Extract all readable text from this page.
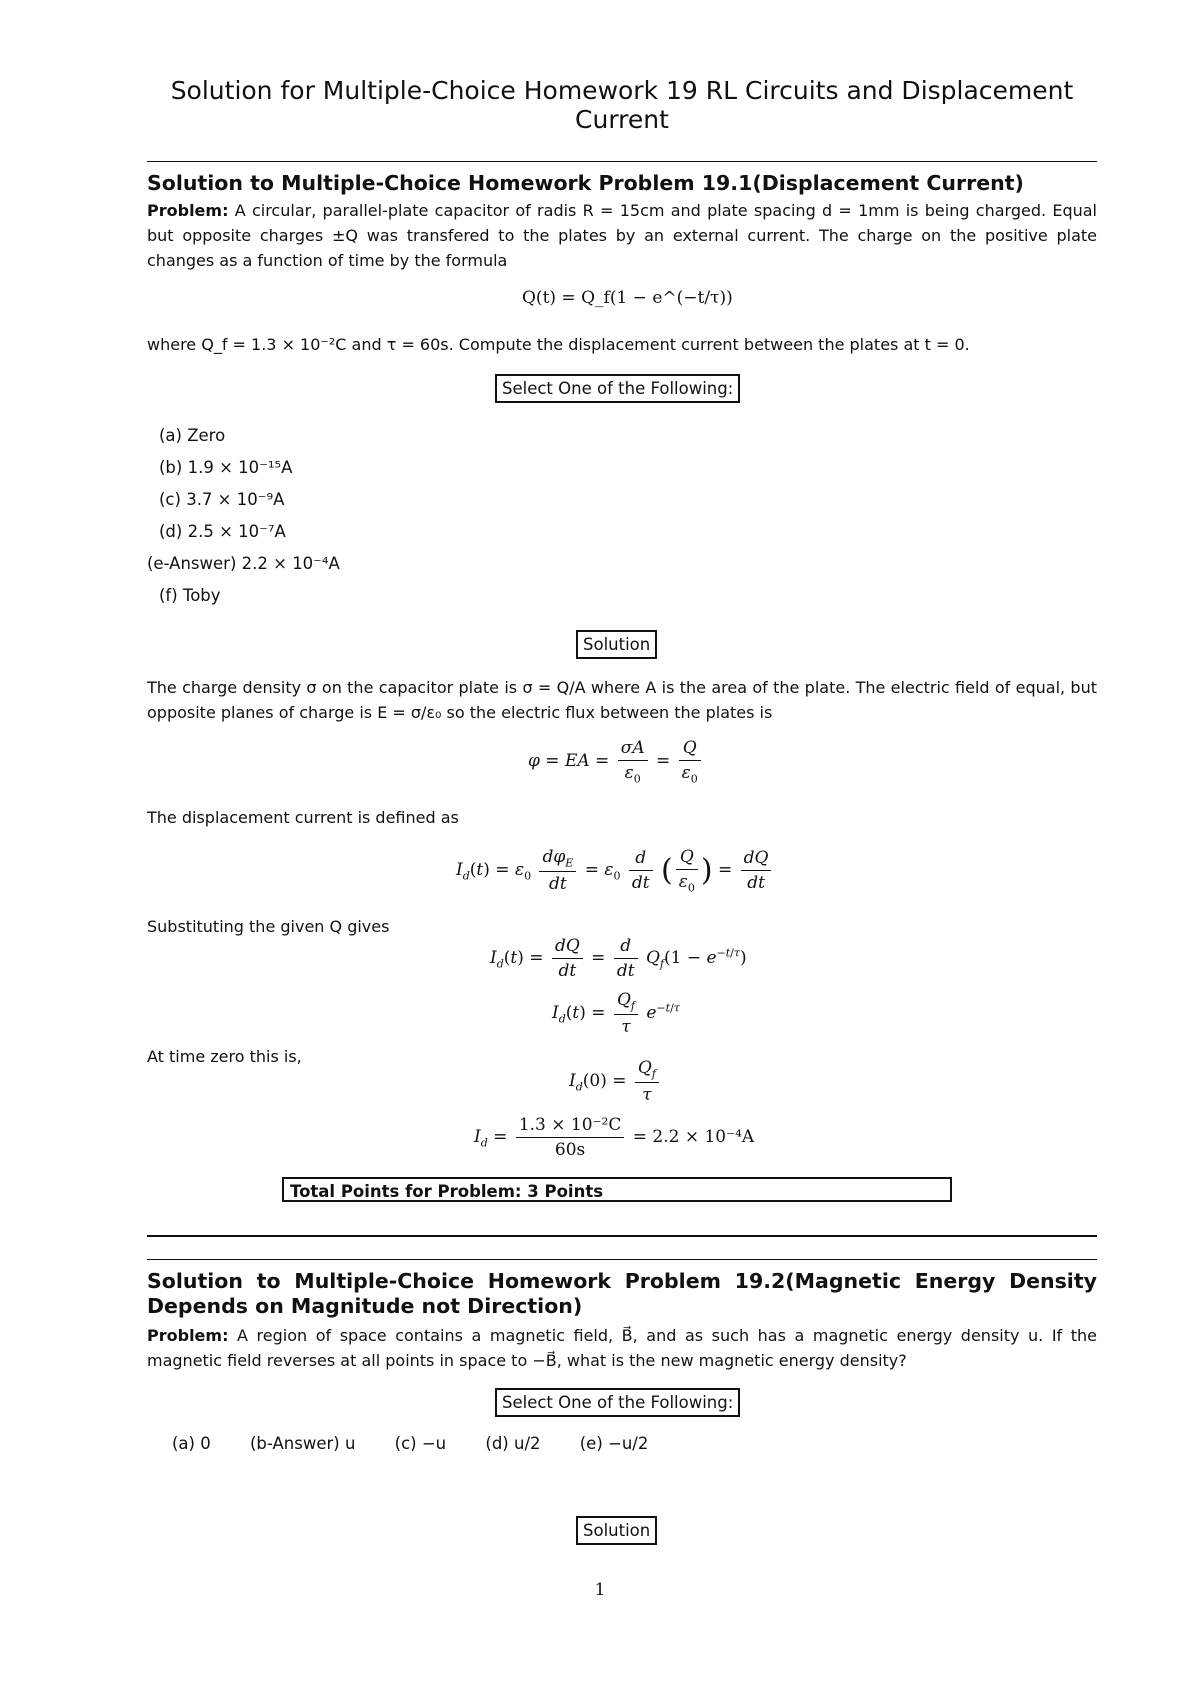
Solution for Multiple-Choice Homework 19 RL Circuits and Displacement
Current
Solution to Multiple-Choice Homework Problem 19.1(Displacement Current)
Problem: A circular, parallel-plate capacitor of radis R = 15cm and plate spacing d = 1mm is being charged. Equal but opposite charges ±Q was transfered to the plates by an external current. The charge on the positive plate changes as a function of time by the formula
Q(t) = Q_f(1 − e^(−t/τ))
where Q_f = 1.3 × 10⁻²C and τ = 60s. Compute the displacement current between the plates at t = 0.
Select One of the Following:
(a) Zero
(b) 1.9 × 10⁻¹⁵A
(c) 3.7 × 10⁻⁹A
(d) 2.5 × 10⁻⁷A
(e-Answer) 2.2 × 10⁻⁴A
(f) Toby
Solution
The charge density σ on the capacitor plate is σ = Q/A where A is the area of the plate. The electric field of equal, but opposite planes of charge is E = σ/ε₀ so the electric flux between the plates is
φ = EA = $\frac{\sigma A}{\varepsilon_0} = \frac{Q}{\varepsilon_0}$
The displacement current is defined as
$I_d(t) = \varepsilon_0 \frac{d\varphi_E}{dt} = \varepsilon_0 \frac{d}{dt}$ ( $\frac{Q}{\varepsilon_0}$ ) = $\frac{dQ}{dt}$
Substituting the given Q gives
$I_d(t) = \frac{dQ}{dt} = \frac{d}{dt} Q_f(1 - e^{-t/\tau})$
$I_d(t) = \frac{Q_f}{\tau} e^{-t/\tau}$
At time zero this is,
$I_d(0) = \frac{Q_f}{\tau}$
$I_d = \frac{\text{1.3 × 10⁻²C}}{60s} = 2.2 \times 10^{-4}A$
Total Points for Problem: 3 Points
Solution to Multiple-Choice Homework Problem 19.2(Magnetic Energy Density Depends on Magnitude not Direction)
Problem: A region of space contains a magnetic field, B⃗, and as such has a magnetic energy density u. If the magnetic field reverses at all points in space to −B⃗, what is the new magnetic energy density?
Select One of the Following:
(a) 0 (b-Answer) u (c) −u (d) u/2 (e) −u/2
Solution
1
